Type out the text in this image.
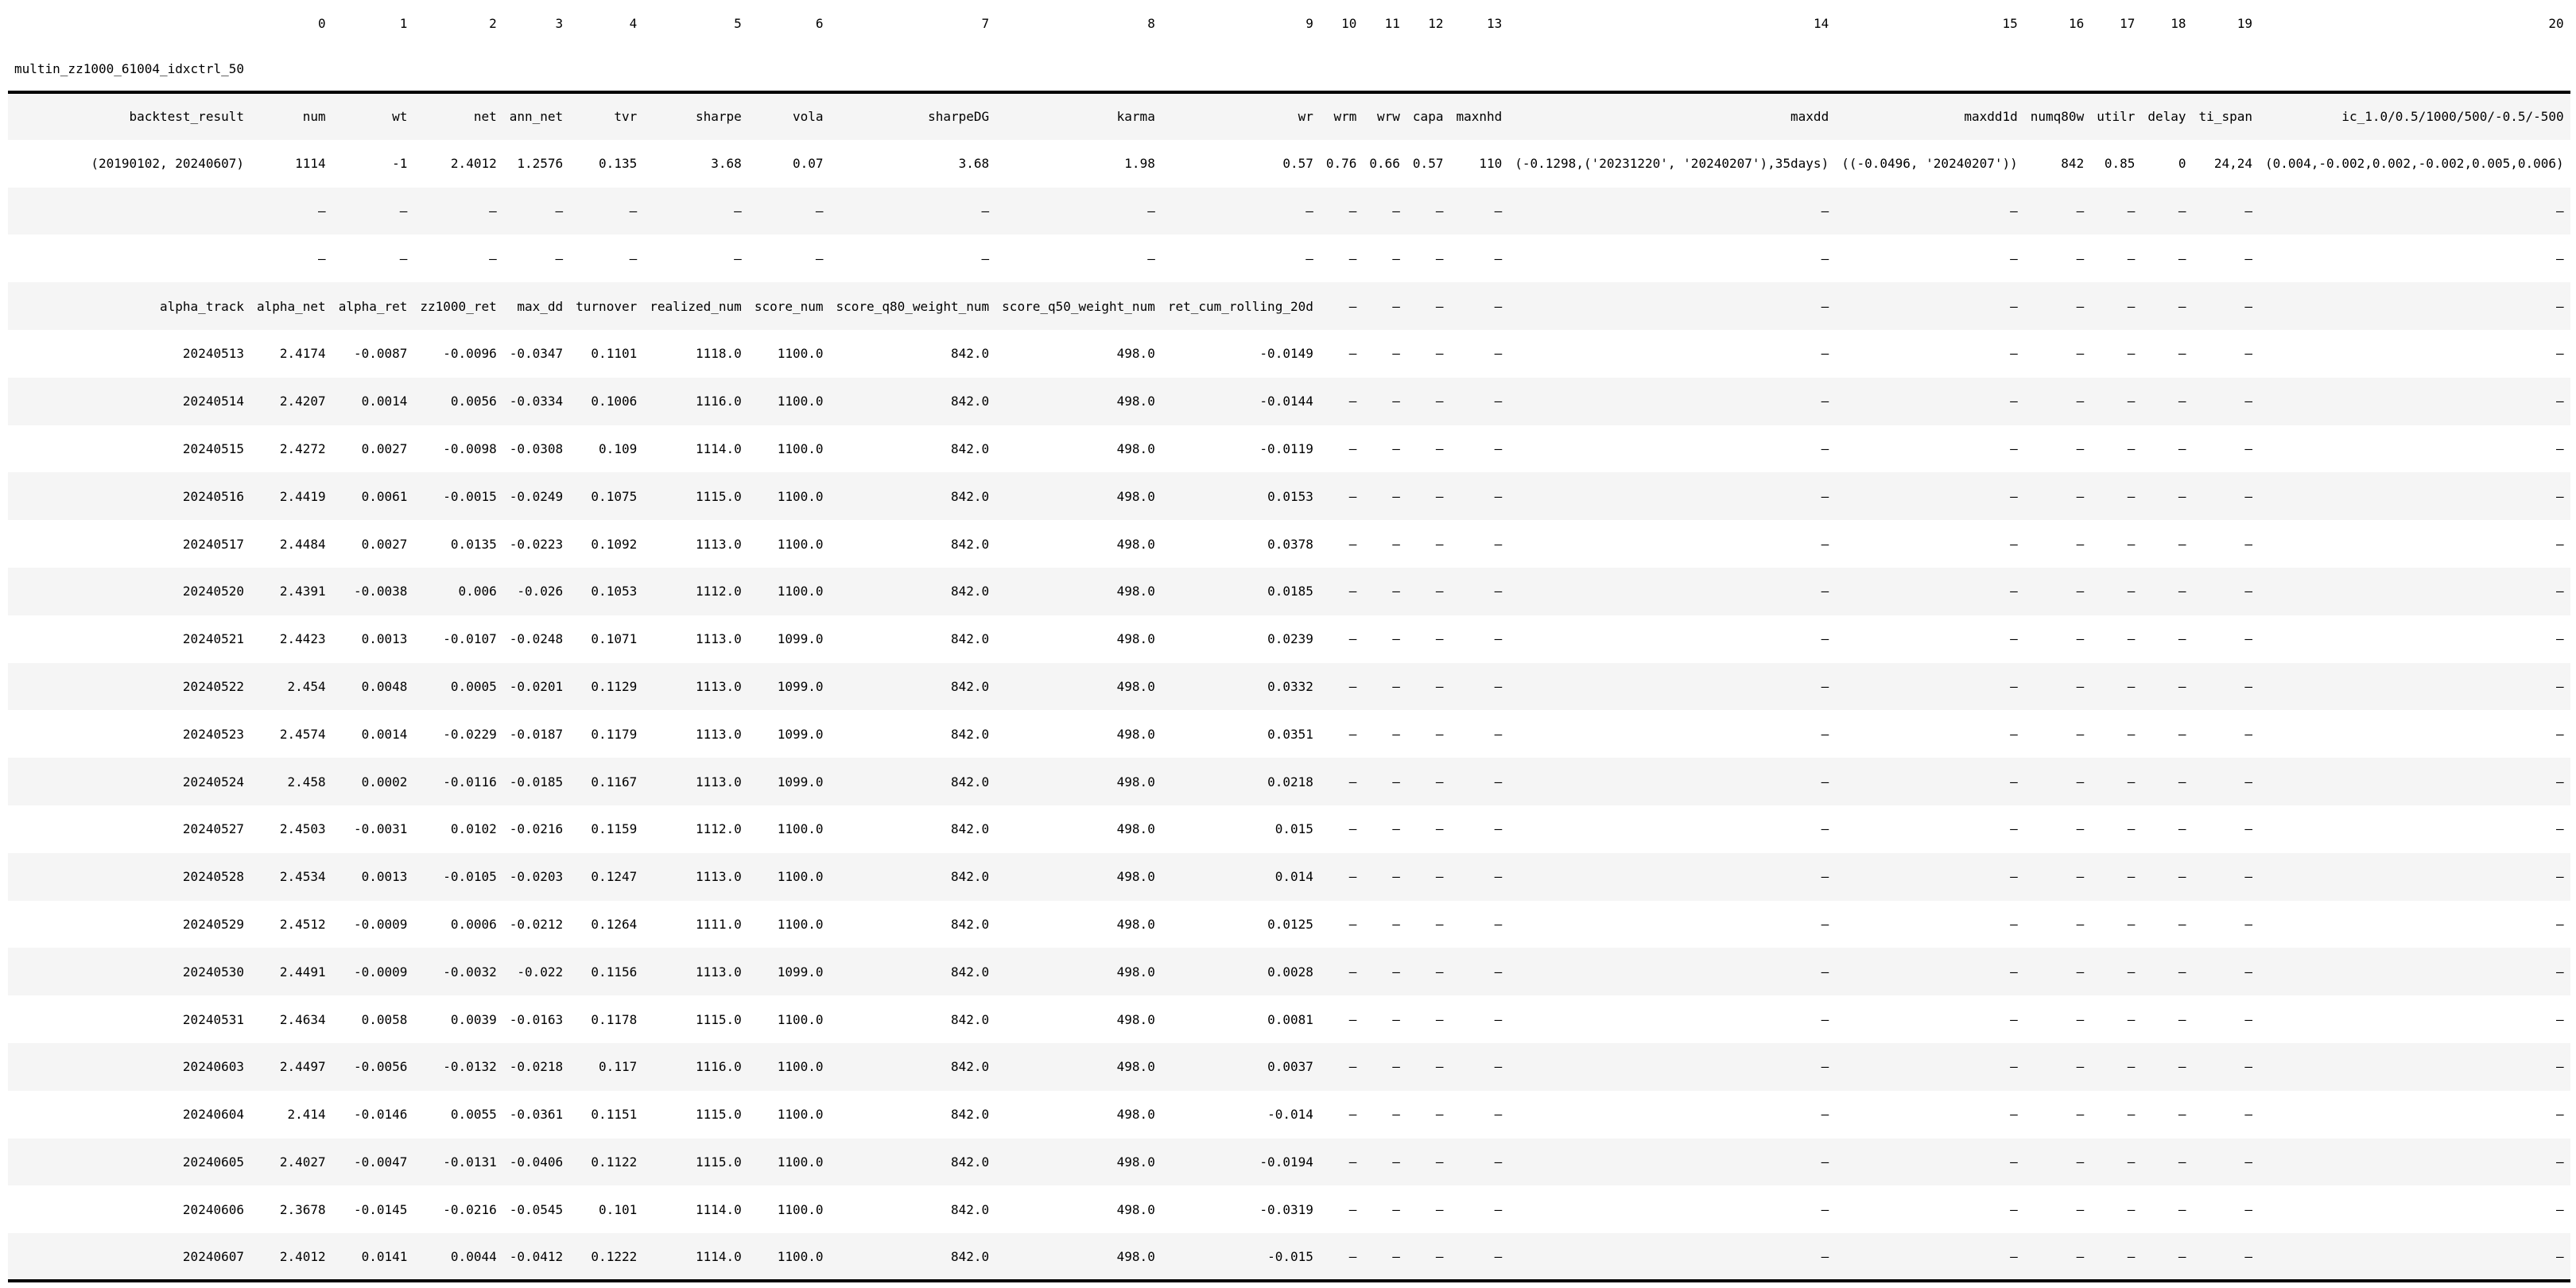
	0	1	2	3	4	5	6	7	8	9	10	11	12	13	14	15	16	17	18	19	20
multin_zz1000_61004_idxctrl_50																					
backtest_result	num	wt	net	ann_net	tvr	sharpe	vola	sharpeDG	karma	wr	wrm	wrw	capa	maxnhd	maxdd	maxdd1d	numq80w	utilr	delay	ti_span	ic_1.0/0.5/1000/500/-0.5/-500
(20190102, 20240607)	1114	-1	2.4012	1.2576	0.135	3.68	0.07	3.68	1.98	0.57	0.76	0.66	0.57	110	(-0.1298,('20231220', '20240207'),35days)	((-0.0496, '20240207'))	842	0.85	0	24,24	(0.004,-0.002,0.002,-0.002,0.005,0.006)
	—	—	—	—	—	—	—	—	—	—	—	—	—	—	—	—	—	—	—	—	—
	—	—	—	—	—	—	—	—	—	—	—	—	—	—	—	—	—	—	—	—	—
alpha_track	alpha_net	alpha_ret	zz1000_ret	max_dd	turnover	realized_num	score_num	score_q80_weight_num	score_q50_weight_num	ret_cum_rolling_20d	—	—	—	—	—	—	—	—	—	—	—
20240513	2.4174	-0.0087	-0.0096	-0.0347	0.1101	1118.0	1100.0	842.0	498.0	-0.0149	—	—	—	—	—	—	—	—	—	—	—
20240514	2.4207	0.0014	0.0056	-0.0334	0.1006	1116.0	1100.0	842.0	498.0	-0.0144	—	—	—	—	—	—	—	—	—	—	—
20240515	2.4272	0.0027	-0.0098	-0.0308	0.109	1114.0	1100.0	842.0	498.0	-0.0119	—	—	—	—	—	—	—	—	—	—	—
20240516	2.4419	0.0061	-0.0015	-0.0249	0.1075	1115.0	1100.0	842.0	498.0	0.0153	—	—	—	—	—	—	—	—	—	—	—
20240517	2.4484	0.0027	0.0135	-0.0223	0.1092	1113.0	1100.0	842.0	498.0	0.0378	—	—	—	—	—	—	—	—	—	—	—
20240520	2.4391	-0.0038	0.006	-0.026	0.1053	1112.0	1100.0	842.0	498.0	0.0185	—	—	—	—	—	—	—	—	—	—	—
20240521	2.4423	0.0013	-0.0107	-0.0248	0.1071	1113.0	1099.0	842.0	498.0	0.0239	—	—	—	—	—	—	—	—	—	—	—
20240522	2.454	0.0048	0.0005	-0.0201	0.1129	1113.0	1099.0	842.0	498.0	0.0332	—	—	—	—	—	—	—	—	—	—	—
20240523	2.4574	0.0014	-0.0229	-0.0187	0.1179	1113.0	1099.0	842.0	498.0	0.0351	—	—	—	—	—	—	—	—	—	—	—
20240524	2.458	0.0002	-0.0116	-0.0185	0.1167	1113.0	1099.0	842.0	498.0	0.0218	—	—	—	—	—	—	—	—	—	—	—
20240527	2.4503	-0.0031	0.0102	-0.0216	0.1159	1112.0	1100.0	842.0	498.0	0.015	—	—	—	—	—	—	—	—	—	—	—
20240528	2.4534	0.0013	-0.0105	-0.0203	0.1247	1113.0	1100.0	842.0	498.0	0.014	—	—	—	—	—	—	—	—	—	—	—
20240529	2.4512	-0.0009	0.0006	-0.0212	0.1264	1111.0	1100.0	842.0	498.0	0.0125	—	—	—	—	—	—	—	—	—	—	—
20240530	2.4491	-0.0009	-0.0032	-0.022	0.1156	1113.0	1099.0	842.0	498.0	0.0028	—	—	—	—	—	—	—	—	—	—	—
20240531	2.4634	0.0058	0.0039	-0.0163	0.1178	1115.0	1100.0	842.0	498.0	0.0081	—	—	—	—	—	—	—	—	—	—	—
20240603	2.4497	-0.0056	-0.0132	-0.0218	0.117	1116.0	1100.0	842.0	498.0	0.0037	—	—	—	—	—	—	—	—	—	—	—
20240604	2.414	-0.0146	0.0055	-0.0361	0.1151	1115.0	1100.0	842.0	498.0	-0.014	—	—	—	—	—	—	—	—	—	—	—
20240605	2.4027	-0.0047	-0.0131	-0.0406	0.1122	1115.0	1100.0	842.0	498.0	-0.0194	—	—	—	—	—	—	—	—	—	—	—
20240606	2.3678	-0.0145	-0.0216	-0.0545	0.101	1114.0	1100.0	842.0	498.0	-0.0319	—	—	—	—	—	—	—	—	—	—	—
20240607	2.4012	0.0141	0.0044	-0.0412	0.1222	1114.0	1100.0	842.0	498.0	-0.015	—	—	—	—	—	—	—	—	—	—	—
